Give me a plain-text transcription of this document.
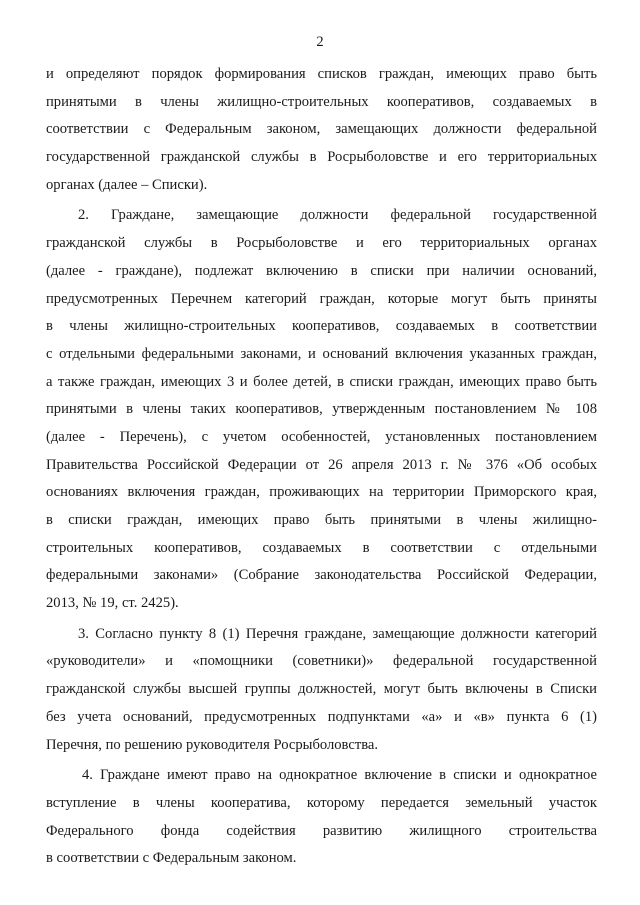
2
и определяют порядок формирования списков граждан, имеющих право быть
принятыми в члены жилищно-строительных кооперативов, создаваемых в
соответствии с Федеральным законом, замещающих должности федеральной
государственной гражданской службы в Росрыболовстве и его территориальных
органах (далее – Списки).
2. Граждане, замещающие должности федеральной государственной
гражданской службы в Росрыболовстве и его территориальных органах
(далее - граждане), подлежат включению в списки при наличии оснований,
предусмотренных Перечнем категорий граждан, которые могут быть приняты
в члены жилищно-строительных кооперативов, создаваемых в соответствии
с отдельными федеральными законами, и оснований включения указанных граждан,
а также граждан, имеющих 3 и более детей, в списки граждан, имеющих право быть
принятыми в члены таких кооперативов, утвержденным постановлением № 108
(далее - Перечень), с учетом особенностей, установленных постановлением
Правительства Российской Федерации от 26 апреля 2013 г. № 376 «Об особых
основаниях включения граждан, проживающих на территории Приморского края,
в списки граждан, имеющих право быть принятыми в члены жилищно-
строительных кооперативов, создаваемых в соответствии с отдельными
федеральными законами» (Собрание законодательства Российской Федерации,
2013, № 19, ст. 2425).
3. Согласно пункту 8 (1) Перечня граждане, замещающие должности категорий
«руководители» и «помощники (советники)» федеральной государственной
гражданской службы высшей группы должностей, могут быть включены в Списки
без учета оснований, предусмотренных подпунктами «а» и «в» пункта 6 (1)
Перечня, по решению руководителя Росрыболовства.
4. Граждане имеют право на однократное включение в списки и однократное
вступление в члены кооператива, которому передается земельный участок
Федерального фонда содействия развитию жилищного строительства
в соответствии с Федеральным законом.
